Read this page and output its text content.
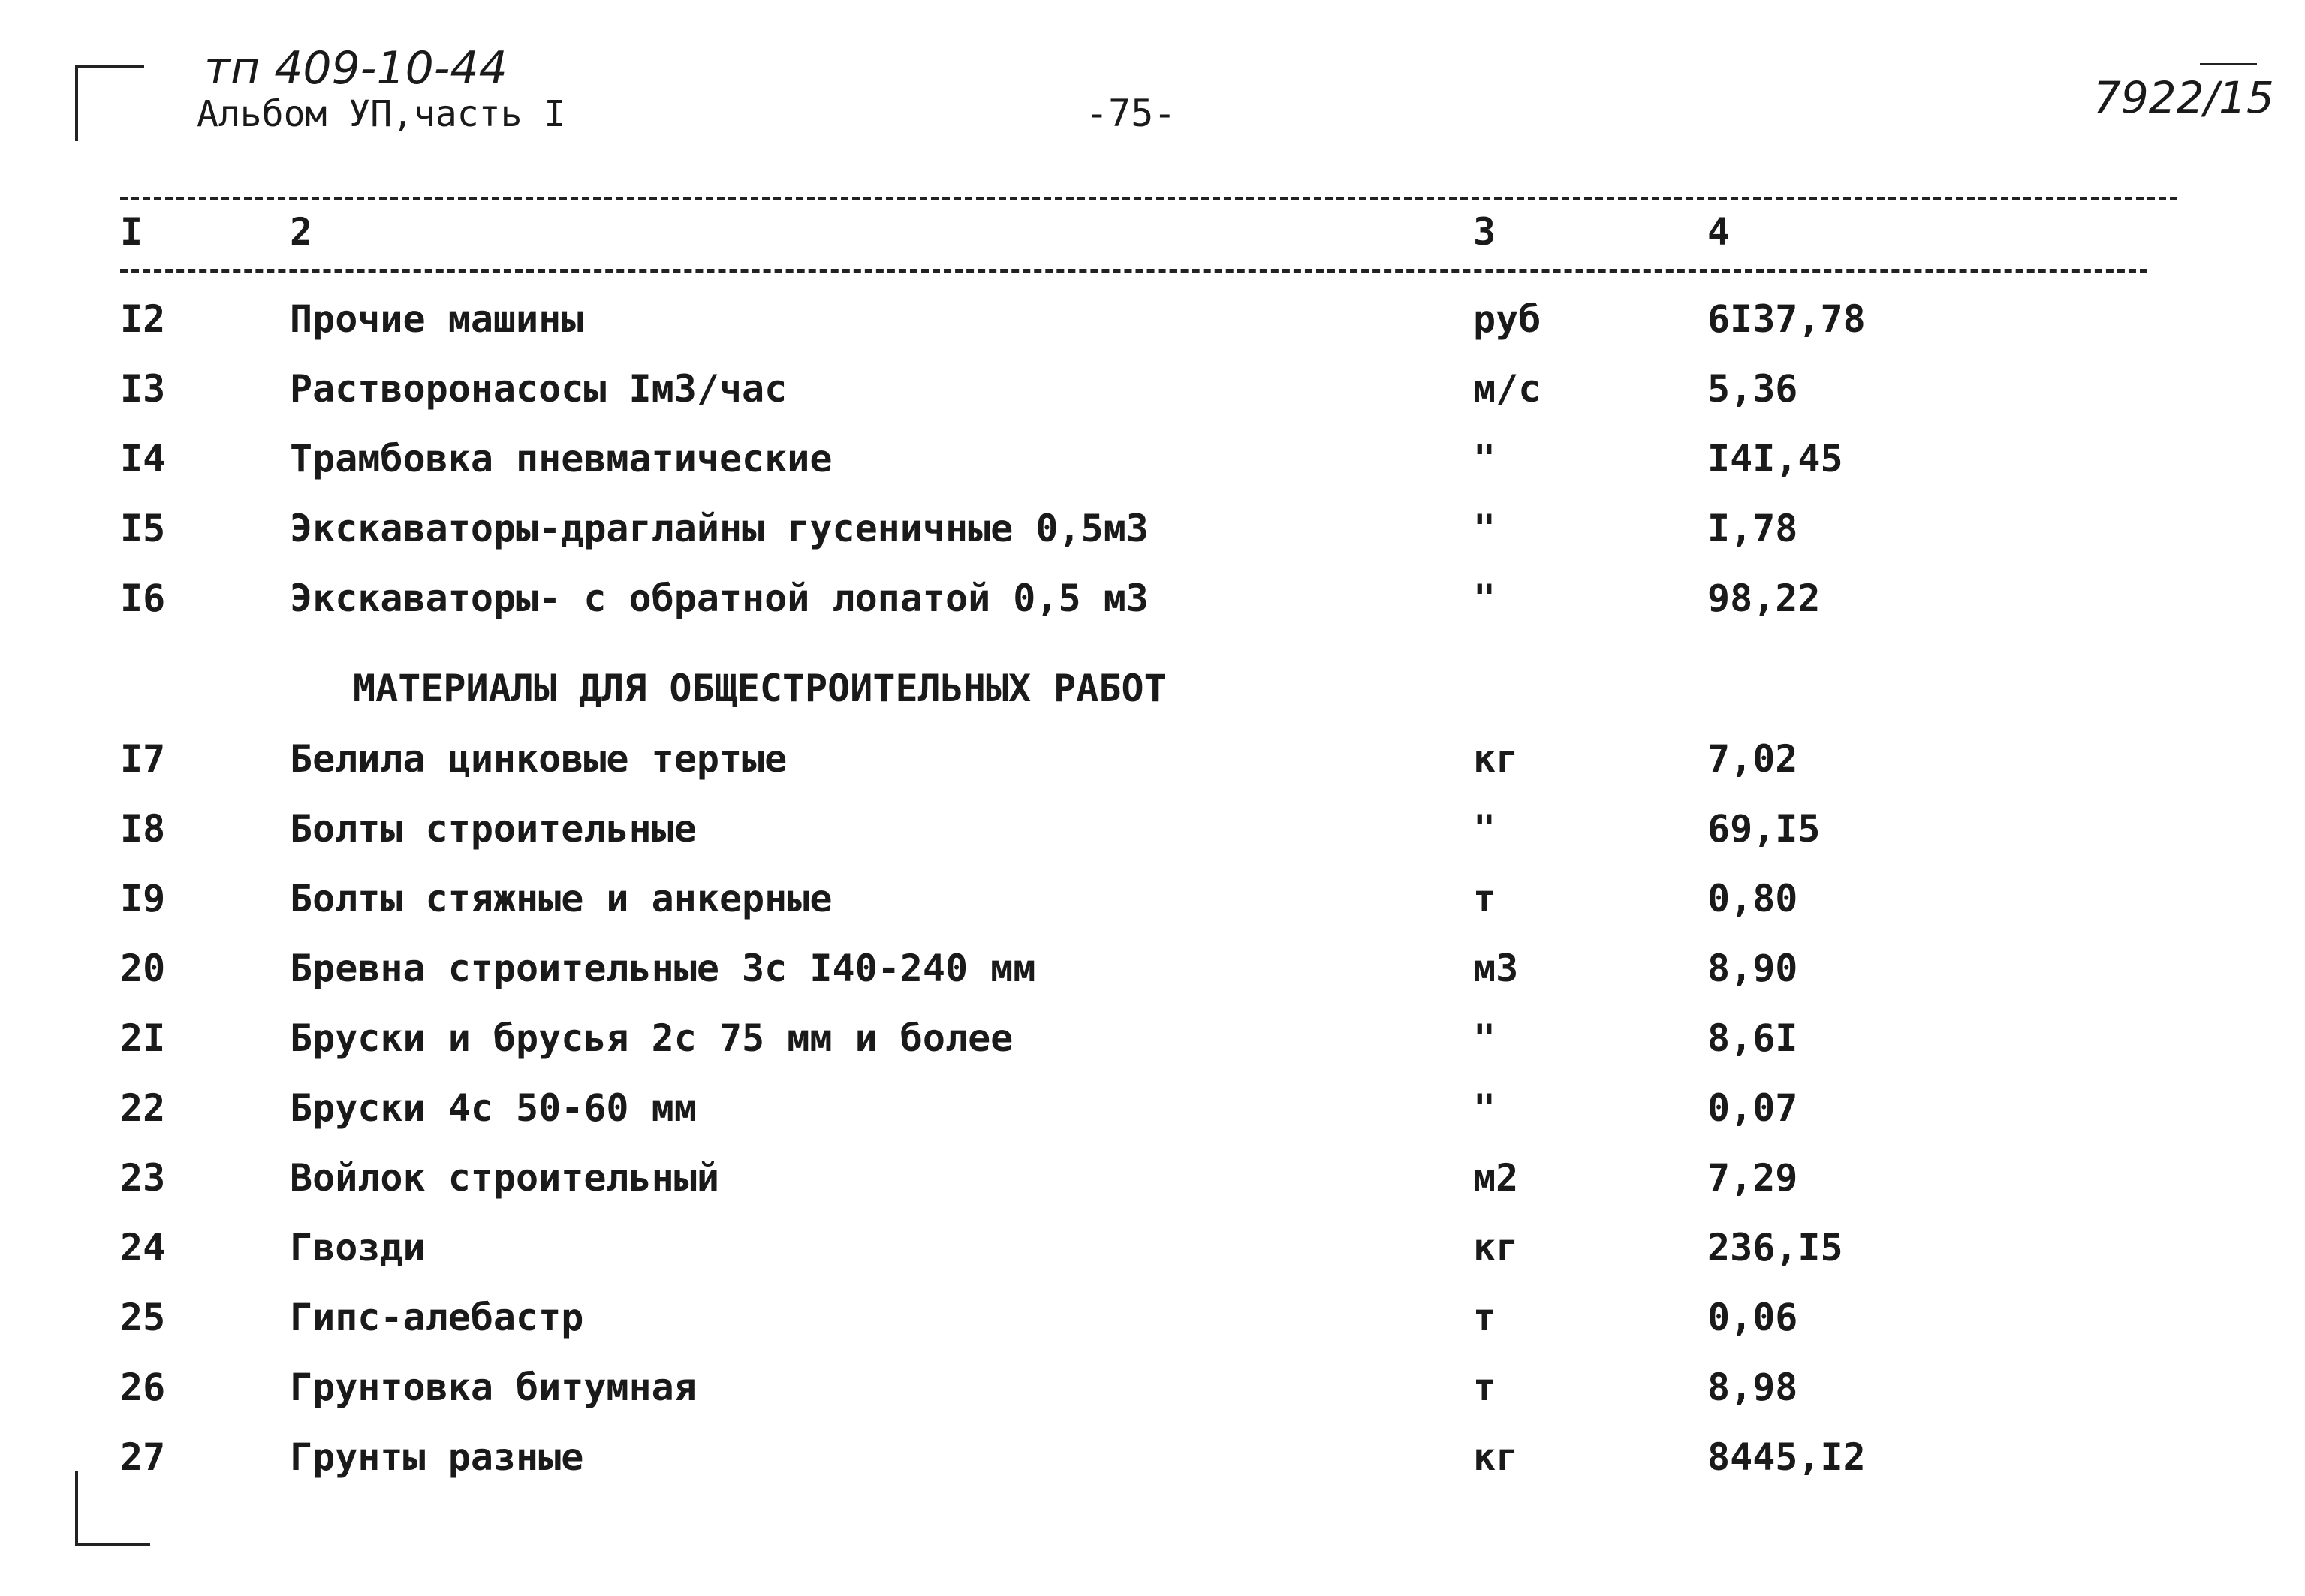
тп 409-10-44
Альбом УП,часть I	-75-	7922/15
I	2	3	4
МАТЕРИАЛЫ ДЛЯ ОБЩЕСТРОИТЕЛЬНЫХ РАБОТ
I2	Прочие машины	руб	6I37,78
I3	Растворонасосы IмЗ/час	м/с	5,36
I4	Трамбовка пневматические	"	I4I,45
I5	Экскаваторы-драглайны гусеничные 0,5мЗ	"	I,78
I6	Экскаваторы- с обратной лопатой 0,5 мЗ	"	98,22
I7	Белила цинковые тертые	кг	7,02
I8	Болты строительные	"	69,I5
I9	Болты стяжные и анкерные	т	0,80
20	Бревна строительные Зс I40-240 мм	мЗ	8,90
2I	Бруски и брусья 2с 75 мм и более	"	8,6I
22	Бруски 4с 50-60 мм	"	0,07
23	Войлок строительный	м2	7,29
24	Гвозди	кг	236,I5
25	Гипс-алебастр	т	0,06
26	Грунтовка битумная	т	8,98
27	Грунты разные	кг	8445,I2
